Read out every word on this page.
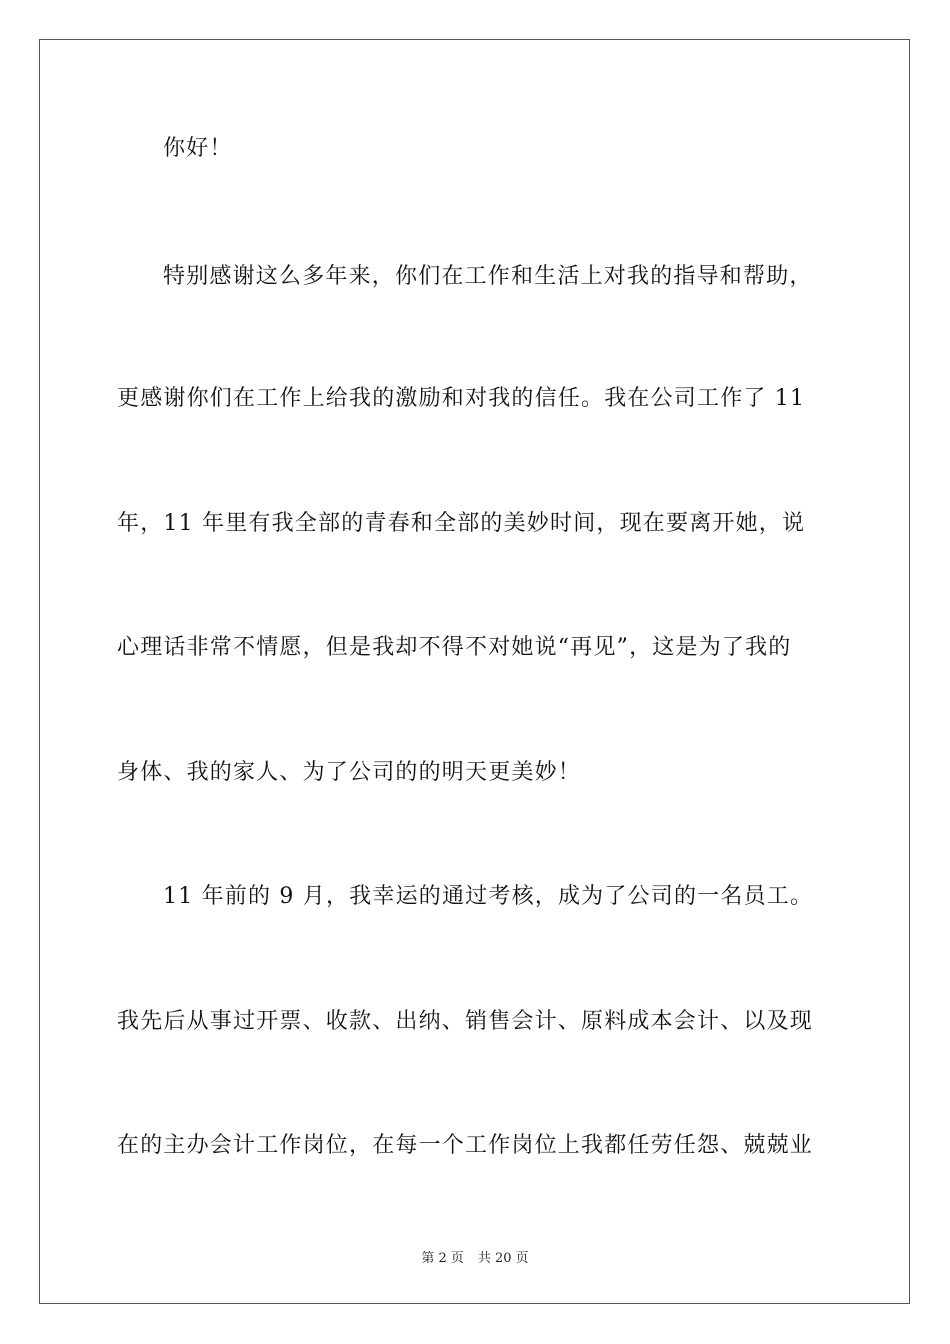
你好！
特别感谢这么多年来，你们在工作和生活上对我的指导和帮助，
更感谢你们在工作上给我的激励和对我的信任。我在公司工作了 11
年，11 年里有我全部的青春和全部的美妙时间，现在要离开她，说
心理话非常不情愿，但是我却不得不对她说“再见”，这是为了我的
身体、我的家人、为了公司的的明天更美妙！
11 年前的 9 月，我幸运的通过考核，成为了公司的一名员工。
我先后从事过开票、收款、出纳、销售会计、原料成本会计、以及现
在的主办会计工作岗位，在每一个工作岗位上我都任劳任怨、兢兢业
第 2 页 共 20 页
